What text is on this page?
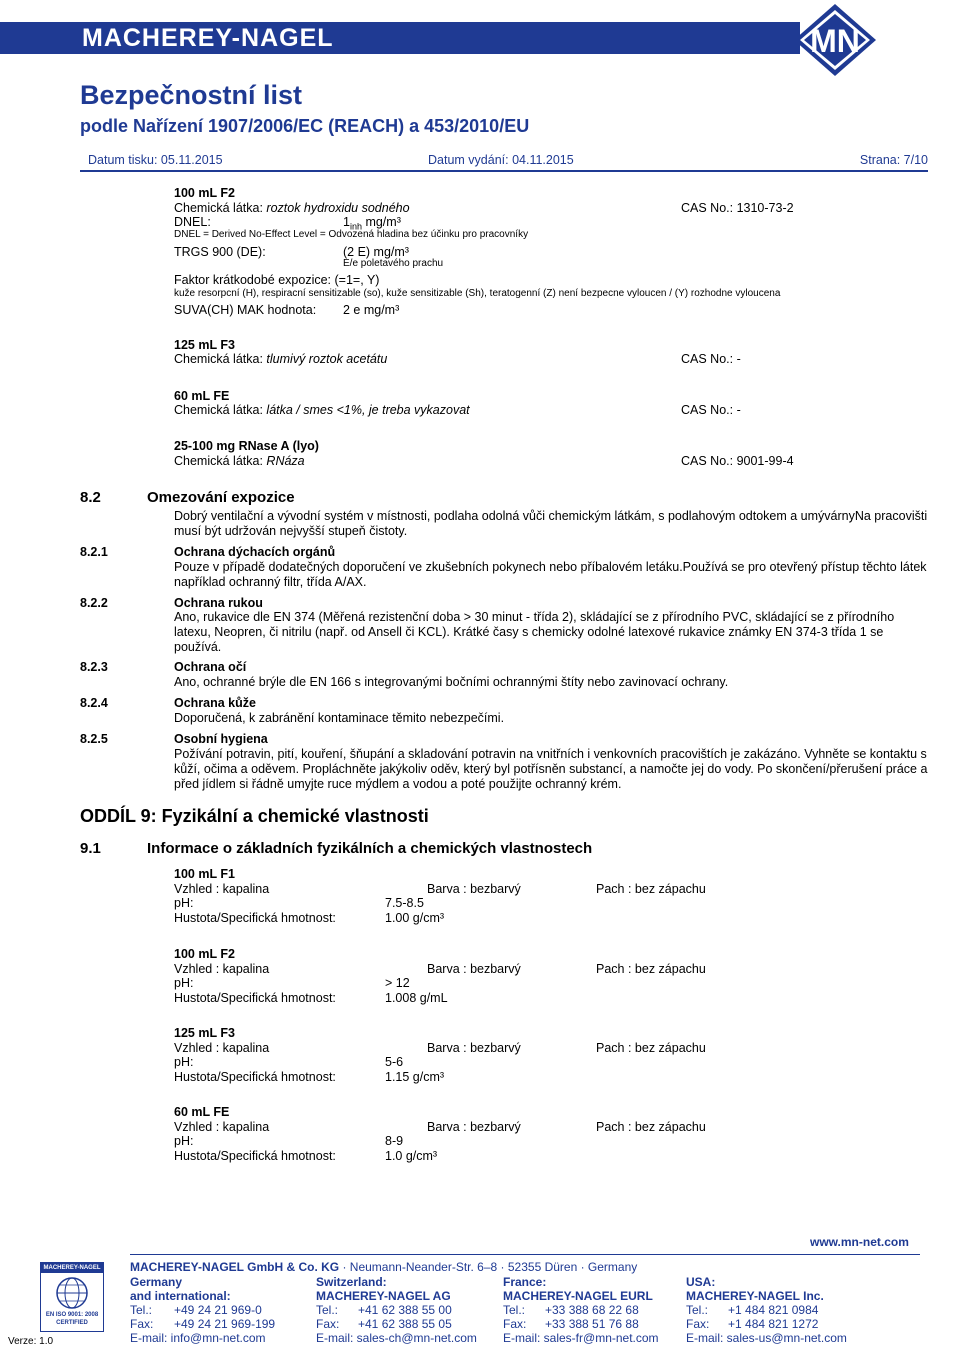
MACHEREY-NAGEL	MN
Bezpečnostní list
podle Nařízení 1907/2006/EC (REACH) a 453/2010/EU
Datum tisku: 05.11.2015	Datum vydání: 04.11.2015	Strana: 7/10
100 mL F2
Chemická látka: roztok hydroxidu sodného	CAS No.: 1310-73-2
DNEL:	$1_{inh}$ mg/m³
DNEL = Derived No-Effect Level = Odvozená hladina bez účinku pro pracovníky
TRGS 900 (DE):	(2 E) mg/m³
E/e poletavého prachu
Faktor krátkodobé expozice: (=1=, Y)
kuže resorpcní (H), respiracní sensitizable (so), kuže sensitizable (Sh), teratogenní (Z) není bezpecne vyloucen / (Y) rozhodne vyloucena
SUVA(CH) MAK hodnota: 2 e mg/m³
125 mL F3
Chemická látka: tlumivý roztok acetátu	CAS No.: -
60 mL FE
Chemická látka: látka / smes <1%, je treba vykazovat	CAS No.: -
25-100 mg RNase A (lyo)
Chemická látka: RNáza	CAS No.: 9001-99-4
8.2	Omezování expozice
Dobrý ventilační a vývodní systém v místnosti, podlaha odolná vůči chemickým látkám, s podlahovým odtokem a umývárnyNa pracovišti musí být udržován nejvyšší stupeň čistoty.
8.2.1	Ochrana dýchacích orgánů
Pouze v případě dodatečných doporučení ve zkušebních pokynech nebo příbalovém letáku.Používá se pro otevřený přístup těchto látek například ochranný filtr, třída A/AX.
8.2.2	Ochrana rukou
Ano, rukavice dle EN 374 (Měřená rezistenční doba > 30 minut - třída 2), skládající se z přírodního PVC, skládající se z přírodního latexu, Neopren, či nitrilu (např. od Ansell či KCL). Krátké časy s chemicky odolné latexové rukavice známky EN 374-3 třída 1 se používá.
8.2.3	Ochrana očí
Ano, ochranné brýle dle EN 166 s integrovanými bočními ochrannými štíty nebo zavinovací ochrany.
8.2.4	Ochrana kůže
Doporučená, k zabránění kontaminace těmito nebezpečími.
8.2.5	Osobní hygiena
Požívání potravin, pití, kouření, šňupání a skladování potravin na vnitřních i venkovních pracovištích je zakázáno. Vyhněte se kontaktu s kůží, očima a oděvem. Propláchněte jakýkoliv oděv, který byl potřísněn substancí, a namočte jej do vody. Po skončení/přerušení práce a před jídlem si řádně umyjte ruce mýdlem a vodou a poté použijte ochranný krém.
ODDÍL 9: Fyzikální a chemické vlastnosti
9.1	Informace o základních fyzikálních a chemických vlastnostech
100 mL F1
Vzhled : kapalina	Barva : bezbarvý	Pach : bez zápachu
pH:	7.5-8.5
Hustota/Specifická hmotnost:	1.00 g/cm³
100 mL F2
Vzhled : kapalina	Barva : bezbarvý	Pach : bez zápachu
pH:	> 12
Hustota/Specifická hmotnost:	1.008 g/mL
125 mL F3
Vzhled : kapalina	Barva : bezbarvý	Pach : bez zápachu
pH:	5-6
Hustota/Specifická hmotnost:	1.15 g/cm³
60 mL FE
Vzhled : kapalina	Barva : bezbarvý	Pach : bez zápachu
pH:	8-9
Hustota/Specifická hmotnost:	1.0 g/cm³
www.mn-net.com
MACHEREY-NAGEL GmbH & Co. KG · Neumann-Neander-Str. 6–8 · 52355 Düren · Germany
MACHEREY-NAGEL
EN ISO 9001: 2008
CERTIFIED
Verze: 1.0
Germany
and international:
Tel.: +49 24 21 969-0
Fax: +49 24 21 969-199
E-mail: info@mn-net.com
Switzerland:
MACHEREY-NAGEL AG
Tel.: +41 62 388 55 00
Fax: +41 62 388 55 05
E-mail: sales-ch@mn-net.com
France:
MACHEREY-NAGEL EURL
Tel.: +33 388 68 22 68
Fax: +33 388 51 76 88
E-mail: sales-fr@mn-net.com
USA:
MACHEREY-NAGEL Inc.
Tel.: +1 484 821 0984
Fax: +1 484 821 1272
E-mail: sales-us@mn-net.com
